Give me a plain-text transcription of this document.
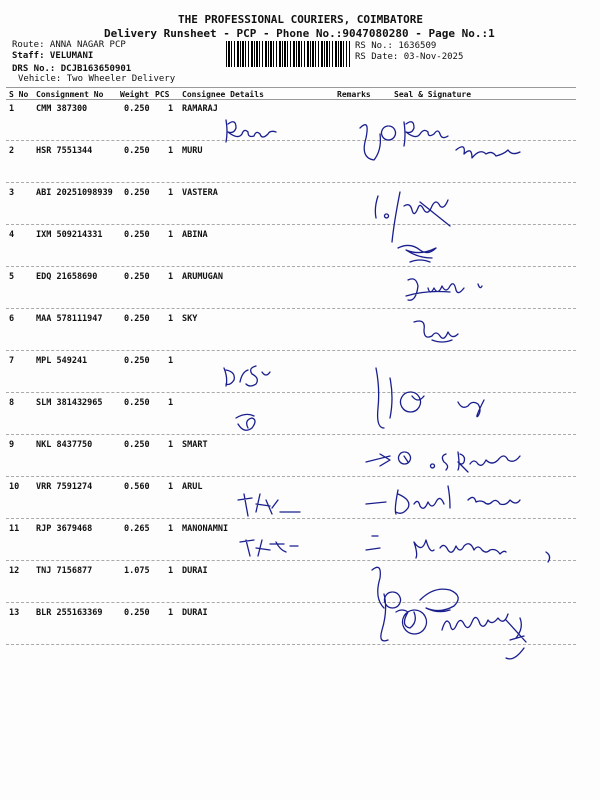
THE PROFESSIONAL COURIERS, COIMBATORE
Delivery Runsheet - PCP - Phone No.:9047080280 - Page No.:1
Route: ANNA NAGAR PCP
Staff: VELUMANI
DRS No.: DCJB163650901
Vehicle: Two Wheeler Delivery
RS No.: 1636509
RS Date: 03-Nov-2025
S No Consignment No Weight PCS Consignee Details	Remarks	Seal & Signature
1	CMM 387300	0.250 1 RAMARAJ
2	HSR 7551344	0.250 1 MURU
3	ABI 20251098939 0.250 1 VASTERA
4	IXM 509214331	0.250 1 ABINA
5	EDQ 21658690	0.250 1 ARUMUGAN
6	MAA 578111947	0.250 1 SKY
7	MPL 549241	0.250 1
8	SLM 381432965	0.250 1
9	NKL 8437750	0.250 1 SMART
10 VRR 7591274	0.560 1 ARUL
11 RJP 3679468	0.265 1 MANONAMNI
12 TNJ 7156877	1.075 1 DURAI
13 BLR 255163369	0.250 1 DURAI
